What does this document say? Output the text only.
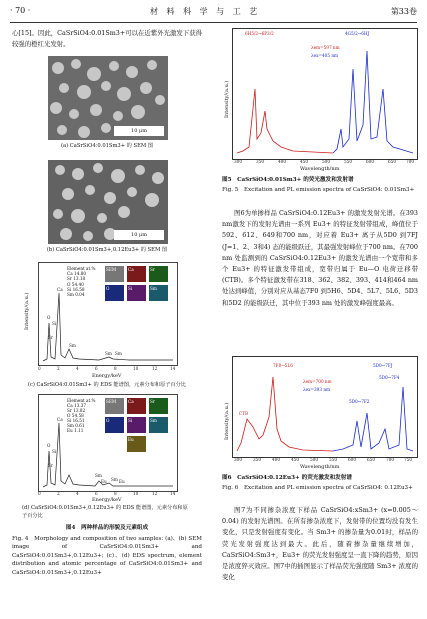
· 70 ·	材 料 科 学 与 工 艺	第33卷
心[15]。因此，CaSrSiO4:0.01Sm3+可以在近紫外光激发下获得较强的橙红光发射。
10 μm
(a) CaSrSiO4:0.01Sm3+ 的 SEM 图
10 μm
(b) CaSrSiO4:0.01Sm3+,0.12Eu3+ 的 SEM 图
Element at.%
Ca 14.80
Sr 13.18
O 54.40
Si 16.58
Sm 0.04
O
Ca
Si
Sr
Sm Sm
Sm
SEM	Ca	Sr
O	Si	Sm
Intensity/(a.u.)
0	2	4	6	8	10	12	14
Energy/keV
(c) CaSrSiO4:0.01Sm3+ 的 EDS 能谱图，元素分布和原子百分比
Element at.%
Ca 13.37
Sr 13.82
O 54.58
Si 16.51
Sm 0.61
Eu 1.11
O
Ca
Si
Sr
Sm
Eu Sm Eu
SEM	Ca	Sr
O	Si	Sm
Eu
0	2	4	6	8	10	12	14
Energy/keV
(d) CaSrSiO4:0.01Sm3+,0.12Eu3+ 的 EDS 能谱图，元素分布和原子百分比
图4　两种样品的形貌及元素组成
Fig. 4　Morphology and composition of two samples: (a)、(b) SEM image of CaSrSiO4:0.01Sm3+ and CaSrSiO4:0.01Sm3+,0.12Eu3+; (c)、(d) EDS spectrum, element distribution and atomic percentage of CaSrSiO4:0.01Sm3+ and CaSrSiO4:0.01Sm3+,0.12Eu3+
6H5/2→6P3/2	4G5/2→6HJ
λem=597 nm
λex=405 nm
Intensity/(a.u.)
300	350	400	450	500	550	600	650 700
Wavelength/nm
图5　CaSrSiO4:0.01Sm3+ 的荧光激发和发射谱
Fig. 5　Excitation and PL emission spectra of CaSrSiO4: 0.01Sm3+
图6为单掺样品 CaSrSiO4:0.12Eu3+ 的激发发射光谱。在393 nm激发下的发射光谱由一系列 Eu3+ 的特征发射带组成，峰值位于592、612、649和700 nm，对应着 Eu3+ 离子从5D0 到7FJ (J=1、2、3和4) 态的能级跃迁，其最强发射峰位于700 nm。在700 nm 处监测到的 CaSrSiO4:0.12Eu3+ 的激发光谱由一个宽带和多个 Eu3+ 的特征激发带组成，宽带归属于 Eu—O 电荷迁移带(CTB)。多个特征激发带在318、362、382、393、414和464 nm 处达到峰值，分别对应从基态7F0 到5H6、5D4、5L7、5L6、5D3和5D2 的能级跃迁，其中位于393 nm 处的激发峰强度最高。
7F0→5L6	5D0→7FJ
CTB
5D0→7F4
5D0→7F2
λem=700 nm
λex=393 nm
Intensity/(a.u.)
300	350	400	450	500	550	600	650	700 750
Wavelength/nm
图6　CaSrSiO4:0.12Eu3+ 的荧光激发和发射谱
Fig. 6　Excitation and PL emission spectra of CaSrSiO4: 0.12Eu3+
图7为不同掺杂浓度下样品 CaSrSiO4:xSm3+ (x=0.005～0.04) 的发射光谱图。在所有掺杂浓度下，发射带的位置均没有发生变化，只是发射强度有变化。当 Sm3+ 的掺杂量为0.01时，样品的荧光发射强度达到最大。此后，随着掺杂量继续增加，CaSrSiO4:Sm3+，Eu3+ 的荧光发射强度呈一直下降的趋势，原因是浓度猝灭效应。图7中的插图显示了样品荧光强度随 Sm3+ 浓度的变化
